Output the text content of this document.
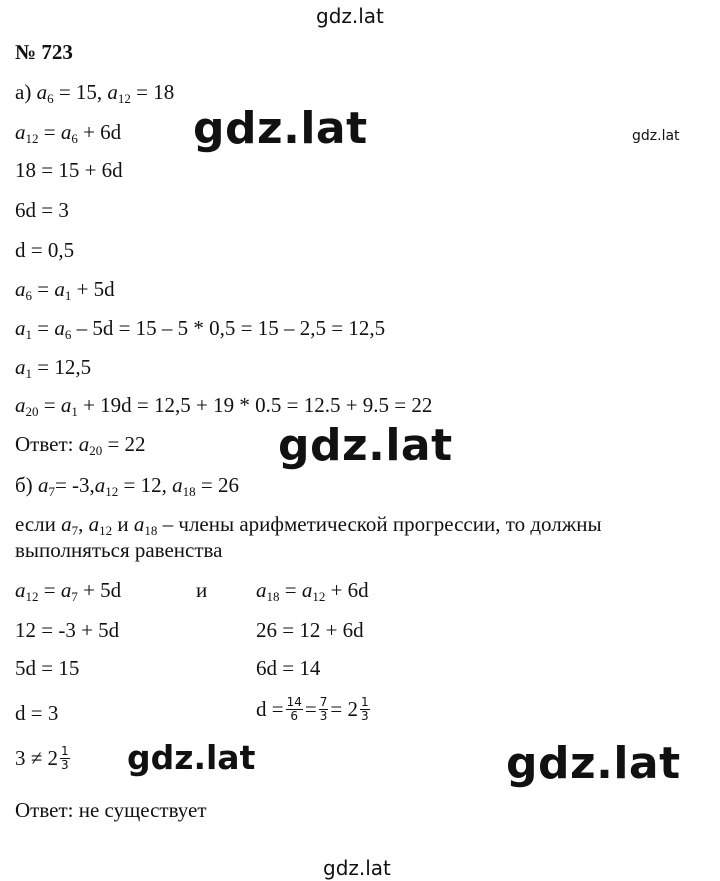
gdz.lat
gdz.lat	gdz.lat
gdz.lat
gdz.lat	gdz.lat
gdz.lat
№ 723
а) $a_6 = 15$, $a_{12} = 18$
$a_{12} = a_6 + 6d$
18 = 15 + 6d
6d = 3
d = 0,5
$a_6 = a_1 + 5d$
$a_1 = a_6 - 5d = 15 - 5 * 0,5 = 15 - 2,5 = 12,5$
$a_1 = 12,5$
$a_{20} = a_1 + 19d = 12,5 + 19 * 0.5 = 12.5 + 9.5 = 22$
Ответ: $a_{20} = 22$
б) $a_7= -3,a_{12} = 12$, $a_{18} = 26$
если $a_7$, $a_{12}$ и $a_{18}$ – члены арифметической прогрессии, то должны
выполняться равенства
$a_{12} = a_7 + 5d$	и $a_{18} = a_{12} + 6d$
12 = -3 + 5d	26 = 12 + 6d
5d = 15	6d = 14
d = 3	$d = \frac{14}{6} = \frac{7}{3} = 2 \frac{1}{3}$
$3 \ne 2 \frac{1}{3}$
Ответ: не существует
